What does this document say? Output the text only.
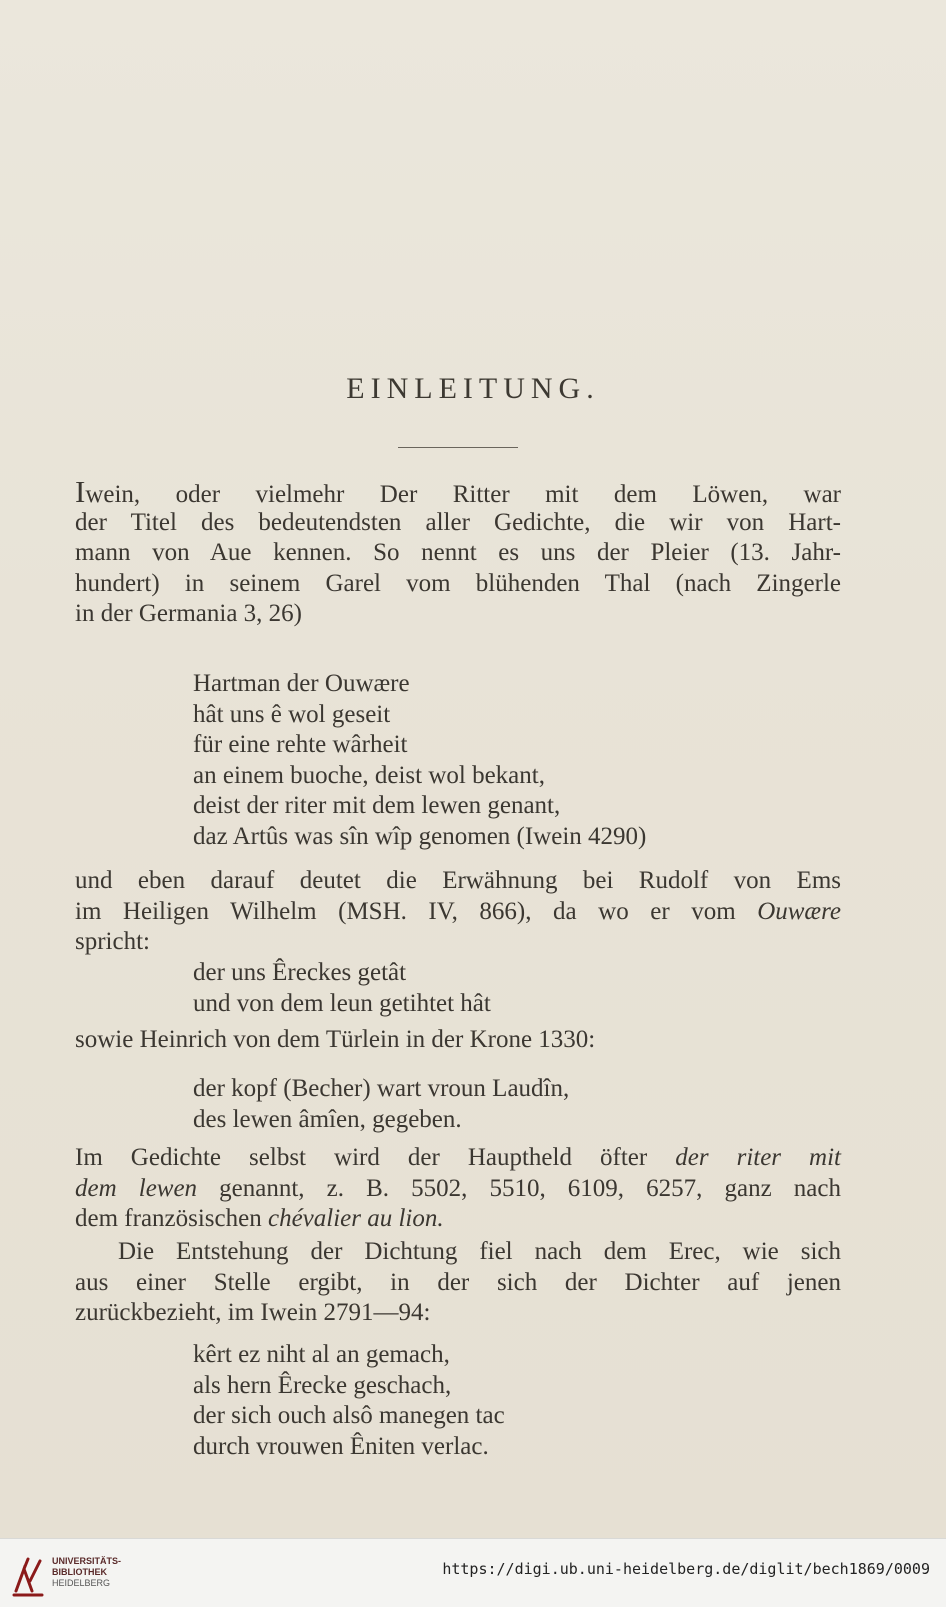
EINLEITUNG.
Iwein, oder vielmehr Der Ritter mit dem Löwen, war
der Titel des bedeutendsten aller Gedichte, die wir von Hart-
mann von Aue kennen. So nennt es uns der Pleier (13. Jahr-
hundert) in seinem Garel vom blühenden Thal (nach Zingerle
in der Germania 3, 26)
Hartman der Ouwære
hât uns ê wol geseit
für eine rehte wârheit
an einem buoche, deist wol bekant,
deist der riter mit dem lewen genant,
daz Artûs was sîn wîp genomen (Iwein 4290)
und eben darauf deutet die Erwähnung bei Rudolf von Ems
im Heiligen Wilhelm (MSH. IV, 866), da wo er vom Ouwære
spricht:
der uns Êreckes getât
und von dem leun getihtet hât
sowie Heinrich von dem Türlein in der Krone 1330:
der kopf (Becher) wart vroun Laudîn,
des lewen âmîen, gegeben.
Im Gedichte selbst wird der Hauptheld öfter der riter mit
dem lewen genannt, z. B. 5502, 5510, 6109, 6257, ganz nach
dem französischen chévalier au lion.
Die Entstehung der Dichtung fiel nach dem Erec, wie sich
aus einer Stelle ergibt, in der sich der Dichter auf jenen
zurückbezieht, im Iwein 2791—94:
kêrt ez niht al an gemach,
als hern Êrecke geschach,
der sich ouch alsô manegen tac
durch vrouwen Êniten verlac.
UNIVERSITÄTS-
BIBLIOTHEK
HEIDELBERG
https://digi.ub.uni-heidelberg.de/diglit/bech1869/0009
